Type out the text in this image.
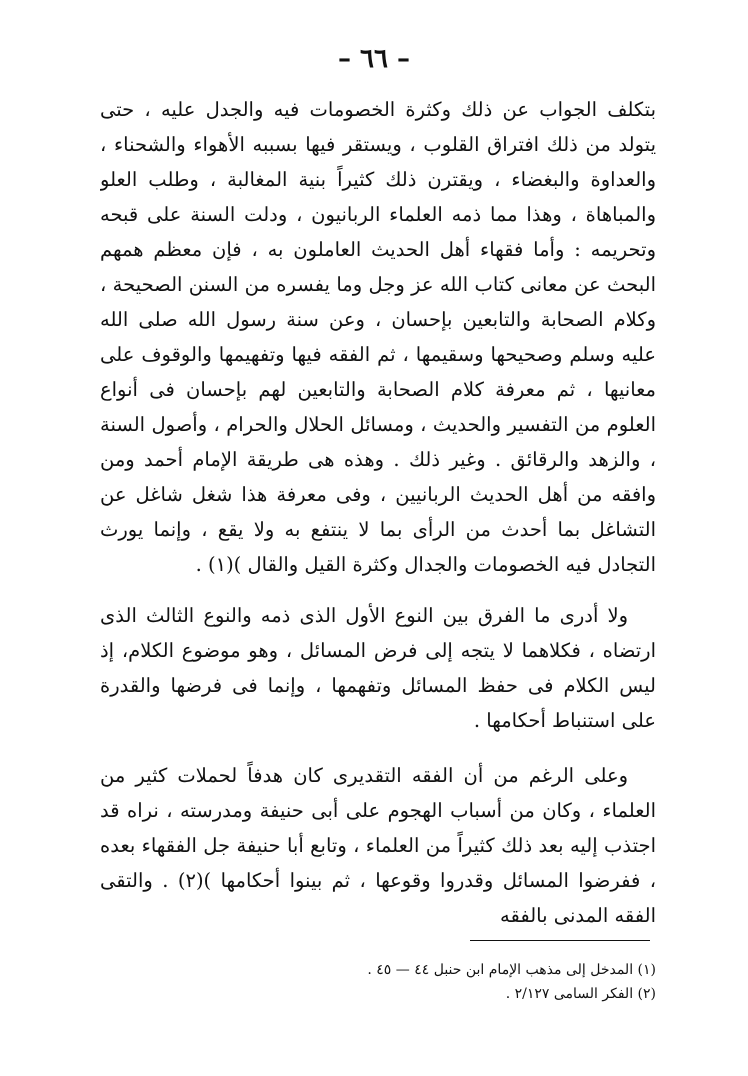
– ٦٦ –

بتكلف الجواب عن ذلك وكثرة الخصومات فيه والجدل عليه ، حتى يتولد من ذلك افتراق القلوب ، ويستقر فيها بسببه الأهواء والشحناء ، والعداوة والبغضاء ، ويقترن ذلك كثيراً بنية المغالبة ، وطلب العلو والمباهاة ، وهذا مما ذمه العلماء الربانيون ، ودلت السنة على قبحه وتحريمه : وأما فقهاء أهل الحديث العاملون به ، فإن معظم همهم البحث عن معانى كتاب الله عز وجل وما يفسره من السنن الصحيحة ، وكلام الصحابة والتابعين بإحسان ، وعن سنة رسول الله صلى الله عليه وسلم وصحيحها وسقيمها ، ثم الفقه فيها وتفهيمها والوقوف على معانيها ، ثم معرفة كلام الصحابة والتابعين لهم بإحسان فى أنواع العلوم من التفسير والحديث ، ومسائل الحلال والحرام ، وأصول السنة ، والزهد والرقائق . وغير ذلك . وهذه هى طريقة الإمام أحمد ومن وافقه من أهل الحديث الربانيين ، وفى معرفة هذا شغل شاغل عن التشاغل بما أحدث من الرأى بما لا ينتفع به ولا يقع ، وإنما يورث التجادل فيه الخصومات والجدال وكثرة القيل والقال )(١) .

ولا أدرى ما الفرق بين النوع الأول الذى ذمه والنوع الثالث الذى ارتضاه ، فكلاهما لا يتجه إلى فرض المسائل ، وهو موضوع الكلام، إذ ليس الكلام فى حفظ المسائل وتفهمها ، وإنما فى فرضها والقدرة على استنباط أحكامها .

وعلى الرغم من أن الفقه التقديرى كان هدفاً لحملات كثير من العلماء ، وكان من أسباب الهجوم على أبى حنيفة ومدرسته ، نراه قد اجتذب إليه بعد ذلك كثيراً من العلماء ، وتابع أبا حنيفة جل الفقهاء بعده ، ففرضوا المسائل وقدروا وقوعها ، ثم بينوا أحكامها )(٢) . والتقى الفقه المدنى بالفقه

(١) المدخل إلى مذهب الإمام ابن حنبل ٤٤ — ٤٥ .
(٢) الفكر السامى ٢/١٢٧ .
